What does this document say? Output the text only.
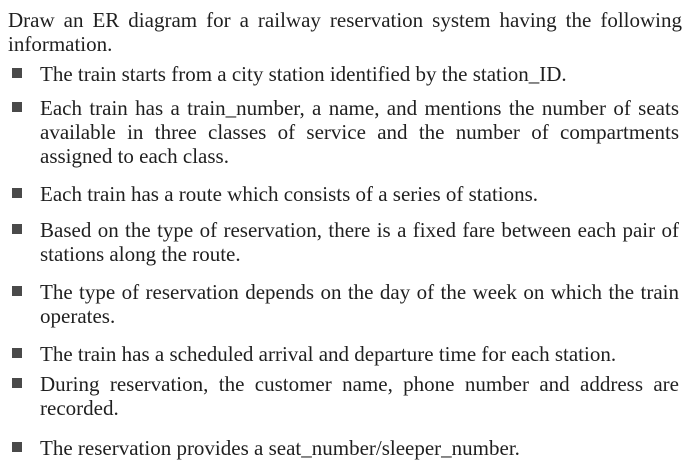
Draw an ER diagram for a railway reservation system having the following information.

The train starts from a city station identified by the station_ID.

Each train has a train_number, a name, and mentions the number of seats available in three classes of service and the number of compartments assigned to each class.

Each train has a route which consists of a series of stations.

Based on the type of reservation, there is a fixed fare between each pair of stations along the route.

The type of reservation depends on the day of the week on which the train operates.

The train has a scheduled arrival and departure time for each station.

During reservation, the customer name, phone number and address are recorded.

The reservation provides a seat_number/sleeper_number.
